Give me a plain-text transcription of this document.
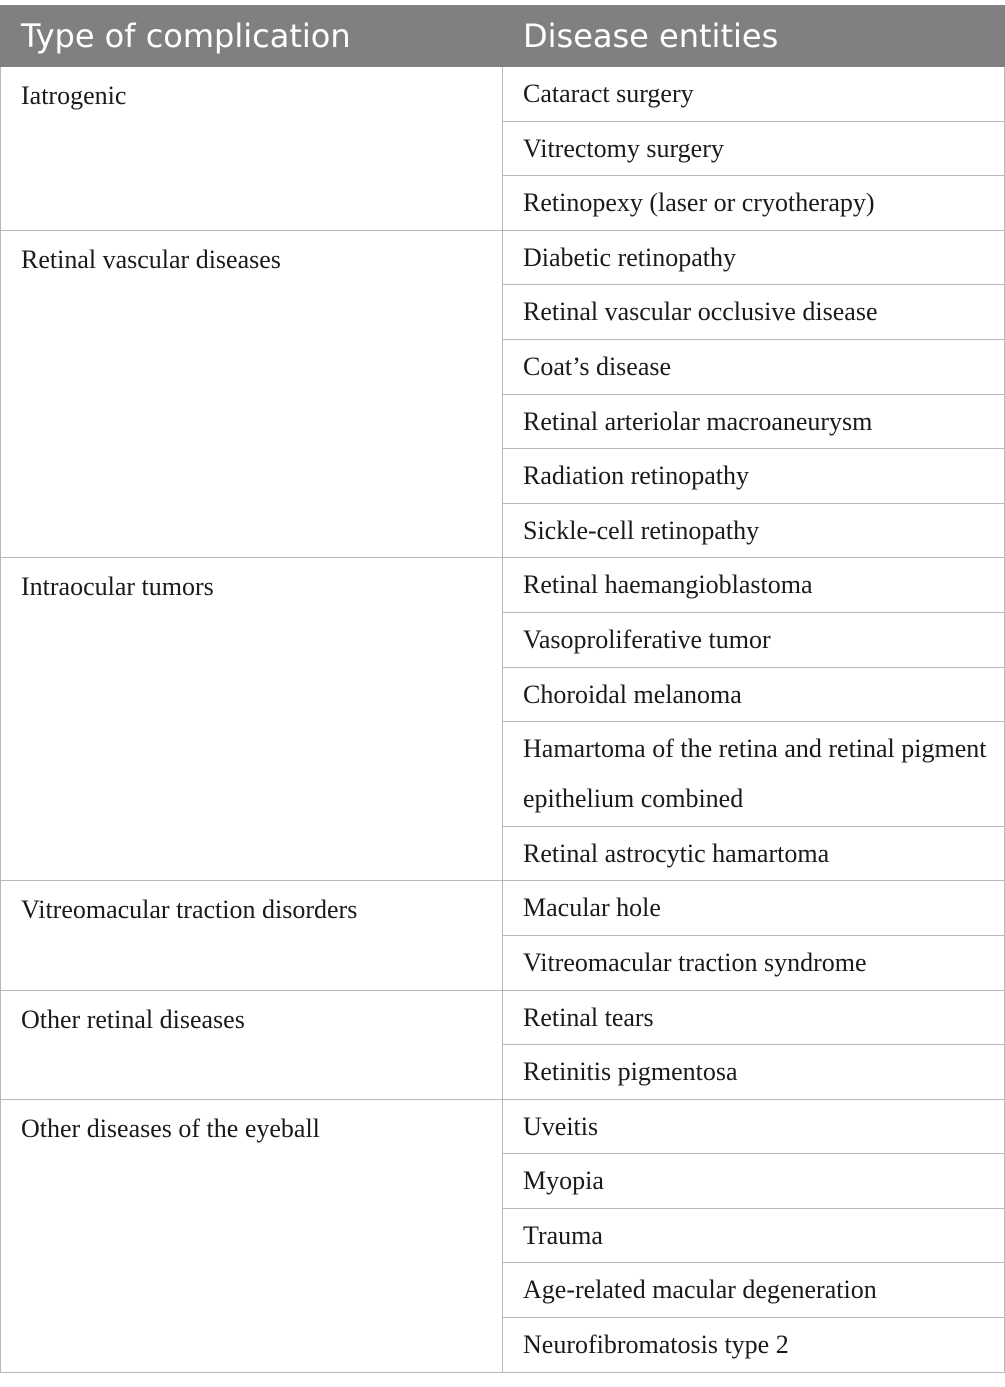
Type of complication	Disease entities
Iatrogenic	Cataract surgery
	Vitrectomy surgery
	Retinopexy (laser or cryotherapy)
Retinal vascular diseases	Diabetic retinopathy
	Retinal vascular occlusive disease
	Coat’s disease
	Retinal arteriolar macroaneurysm
	Radiation retinopathy
	Sickle-cell retinopathy
Intraocular tumors	Retinal haemangioblastoma
	Vasoproliferative tumor
	Choroidal melanoma
	Hamartoma of the retina and retinal pigment epithelium combined
	Retinal astrocytic hamartoma
Vitreomacular traction disorders	Macular hole
	Vitreomacular traction syndrome
Other retinal diseases	Retinal tears
	Retinitis pigmentosa
Other diseases of the eyeball	Uveitis
	Myopia
	Trauma
	Age-related macular degeneration
	Neurofibromatosis type 2
